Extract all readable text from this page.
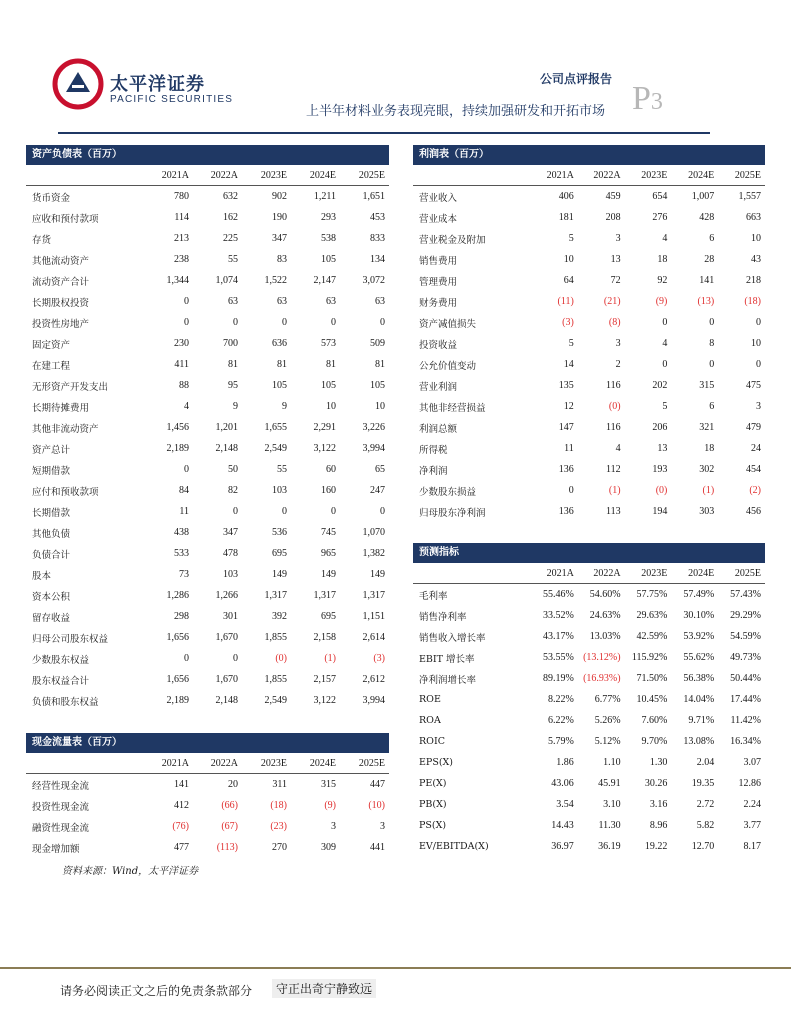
太平洋证券
PACIFIC SECURITIES
公司点评报告
上半年材料业务表现亮眼，持续加强研发和开拓市场 P3
资产负债表（百万）
2021A	2022A	2023E	2024E	2025E
货币资金	780	632	902	1,211	1,651
应收和预付款项	114	162	190	293	453
存货	213	225	347	538	833
其他流动资产	238	55	83	105	134
流动资产合计	1,344	1,074	1,522	2,147	3,072
长期股权投资	0	63	63	63	63
投资性房地产	0	0	0	0	0
固定资产	230	700	636	573	509
在建工程	411	81	81	81	81
无形资产开发支出	88	95	105	105	105
长期待摊费用	4	9	9	10	10
其他非流动资产	1,456	1,201	1,655	2,291	3,226
资产总计	2,189	2,148	2,549	3,122	3,994
短期借款	0	50	55	60	65
应付和预收款项	84	82	103	160	247
长期借款	11	0	0	0	0
其他负债	438	347	536	745	1,070
负债合计	533	478	695	965	1,382
股本	73	103	149	149	149
资本公积	1,286	1,266	1,317	1,317	1,317
留存收益	298	301	392	695	1,151
归母公司股东权益	1,656	1,670	1,855	2,158	2,614
少数股东权益	0	0	(0)	(1)	(3)
股东权益合计	1,656	1,670	1,855	2,157	2,612
负债和股东权益	2,189	2,148	2,549	3,122	3,994
现金流量表（百万）
2021A	2022A	2023E	2024E	2025E
经营性现金流	141	20	311	315	447
投资性现金流	412	(66)	(18)	(9)	(10)
融资性现金流	(76)	(67)	(23)	3	3
现金增加额	477	(113)	270	309	441
利润表（百万）
2021A	2022A	2023E	2024E	2025E
营业收入	406	459	654	1,007	1,557
营业成本	181	208	276	428	663
营业税金及附加	5	3	4	6	10
销售费用	10	13	18	28	43
管理费用	64	72	92	141	218
财务费用	(11)	(21)	(9)	(13)	(18)
资产减值损失	(3)	(8)	0	0	0
投资收益	5	3	4	8	10
公允价值变动	14	2	0	0	0
营业利润	135	116	202	315	475
其他非经营损益	12	(0)	5	6	3
利润总额	147	116	206	321	479
所得税	11	4	13	18	24
净利润	136	112	193	302	454
少数股东损益	0	(1)	(0)	(1)	(2)
归母股东净利润	136	113	194	303	456
预测指标
2021A	2022A	2023E	2024E	2025E
毛利率	55.46%	54.60%	57.75%	57.49%	57.43%
销售净利率	33.52%	24.63%	29.63%	30.10%	29.29%
销售收入增长率	43.17%	13.03%	42.59%	53.92%	54.59%
EBIT 增长率	53.55% (13.12%)	115.92%	55.62%	49.73%
净利润增长率	89.19% (16.93%)	71.50%	56.38%	50.44%
ROE	8.22%	6.77%	10.45%	14.04%	17.44%
ROA	6.22%	5.26%	7.60%	9.71%	11.42%
ROIC	5.79%	5.12%	9.70%	13.08%	16.34%
EPS(X)	1.86	1.10	1.30	2.04	3.07
PE(X)	43.06	45.91	30.26	19.35	12.86
PB(X)	3.54	3.10	3.16	2.72	2.24
PS(X)	14.43	11.30	8.96	5.82	3.77
EV/EBITDA(X)	36.97	36.19	19.22	12.70	8.17
资料来源：Wind，太平洋证券
请务必阅读正文之后的免责条款部分	守正出奇宁静致远
